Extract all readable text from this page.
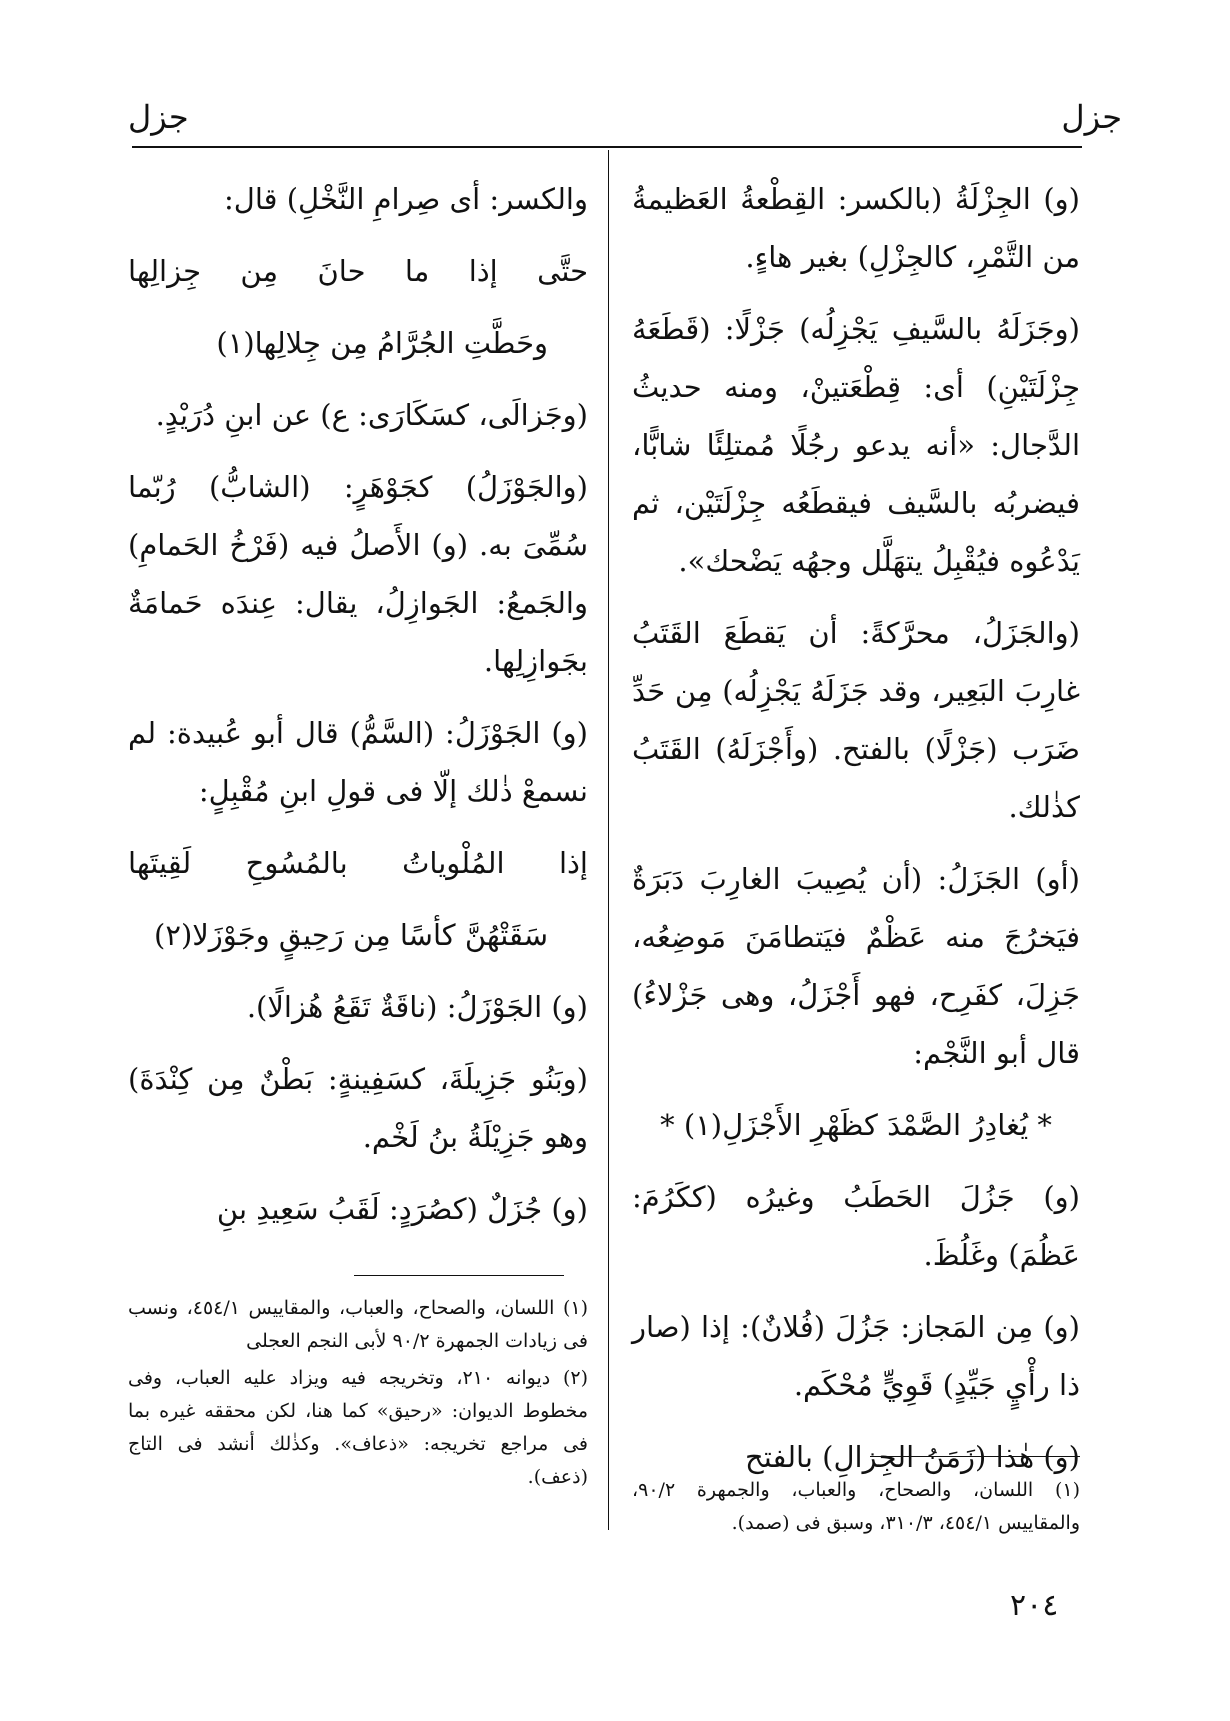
جزل	جزل

(و) الجِزْلَةُ (بالكسر: القِطْعةُ العَظيمةُ من التَّمْرِ، كالجِزْلِ) بغير هاءٍ.

(وجَزَلَهُ بالسَّيفِ يَجْزِلُه) جَزْلًا: (قَطَعَهُ جِزْلَتَيْنِ) أى: قِطْعَتينْ، ومنه حديثُ الدَّجال: «أنه يدعو رجُلًا مُمتلِئًا شابًّا، فيضربُه بالسَّيف فيقطَعُه جِزْلَتَيْن، ثم يَدْعُوه فيُقْبِلُ يتهَلَّل وجهُه يَضْحك».

(والجَزَلُ، محرَّكةً: أن يَقطَعَ القَتَبُ غارِبَ البَعِير، وقد جَزَلَهُ يَجْزِلُه) مِن حَدِّ ضَرَب (جَزْلًا) بالفتح. (وأَجْزَلَهُ) القَتَبُ كذٰلك.

(أو) الجَزَلُ: (أن يُصِيبَ الغارِبَ دَبَرَةٌ فيَخرُجَ منه عَظْمٌ فيَتطامَنَ مَوضِعُه، جَزِلَ، كفَرِح، فهو أَجْزَلُ، وهى جَزْلاءُ) قال أبو النَّجْم:

* يُغادِرُ الصَّمْدَ كظَهْرِ الأَجْزَلِ(١) *

(و) جَزُلَ الحَطَبُ وغيرُه (ككَرُمَ: عَظُمَ) وغَلُظَ.

(و) مِن المَجاز: جَزُلَ (فُلانٌ): إذا (صار ذا رأْيٍ جَيِّدٍ) قَوِيٍّ مُحْكَم.

(و) هٰذا (زَمَنُ الجِزالِ) بالفتح

والكسر: أى صِرامِ النَّخْلِ) قال:

حتَّى إذا ما حانَ مِن جِزالِها

وحَطَّتِ الجُرَّامُ مِن جِلالِها(١)

(وجَزالَى، كسَكَارَى: ع) عن ابنِ دُرَيْدٍ.

(والجَوْزَلُ) كجَوْهَرٍ: (الشابُّ) رُبّما سُمِّىَ به. (و) الأَصلُ فيه (فَرْخُ الحَمامِ) والجَمعُ: الجَوازِلُ، يقال: عِندَه حَمامَةٌ بجَوازِلِها.

(و) الجَوْزَلُ: (السَّمُّ) قال أبو عُبيدة: لم نسمعْ ذٰلك إلّا فى قولِ ابنِ مُقْبِلٍ:

إذا المُلْوياتُ بالمُسُوحِ لَقِيتَها

سَقَتْهُنَّ كأسًا مِن رَحِيقٍ وجَوْزَلا(٢)

(و) الجَوْزَلُ: (ناقَةٌ تَقَعُ هُزالًا).

(وبَنُو جَزِيلَةَ، كسَفِينةٍ: بَطْنٌ مِن كِنْدَةَ) وهو جَزِيْلَةُ بنُ لَخْم.

(و) جُزَلٌ (كصُرَدٍ: لَقَبُ سَعِيدِ بنِ

(١) اللسان، والصحاح، والعباب، والجمهرة ٩٠/٢، والمقاييس ٤٥٤/١، ٣١٠/٣، وسبق فى (صمد).

(١) اللسان، والصحاح، والعباب، والمقاييس ٤٥٤/١، ونسب فى زيادات الجمهرة ٩٠/٢ لأبى النجم العجلى

(٢) ديوانه ٢١٠، وتخريجه فيه ويزاد عليه العباب، وفى مخطوط الديوان: «رحيق» كما هنا، لكن محققه غيره بما فى مراجع تخريجه: «ذعاف». وكذٰلك أنشد فى التاج (ذعف).

٢٠٤
